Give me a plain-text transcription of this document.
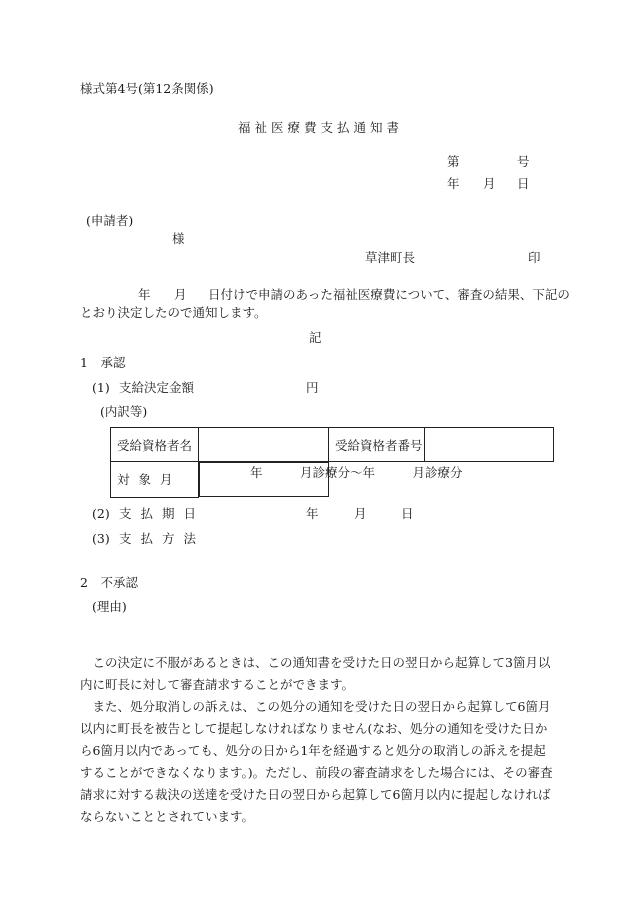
様式第4号(第12条関係)
福祉医療費支払通知書
第	号
年 月 日
(申請者)
様
草津町長	印
年 月 日付けで申請のあった福祉医療費について、審査の結果、下記の
とおり決定したので通知します。
記
1　承認
(1) 支給決定金額	円
(内訳等)
受給資格者名		受給資格者番号	
対象月		年　　　月診療分～ 年　　　月診療分
(2) 支払期日	年	月	日
(3) 支払方法
2　不承認
(理由)
この決定に不服があるときは、この通知書を受けた日の翌日から起算して3箇月以内に町長に対して審査請求することができます。
また、処分取消しの訴えは、この処分の通知を受けた日の翌日から起算して6箇月以内に町長を被告として提起しなければなりません(なお、処分の通知を受けた日から6箇月以内であっても、処分の日から1年を経過すると処分の取消しの訴えを提起することができなくなります。)。ただし、前段の審査請求をした場合には、その審査請求に対する裁決の送達を受けた日の翌日から起算して6箇月以内に提起しなければならないこととされています。
